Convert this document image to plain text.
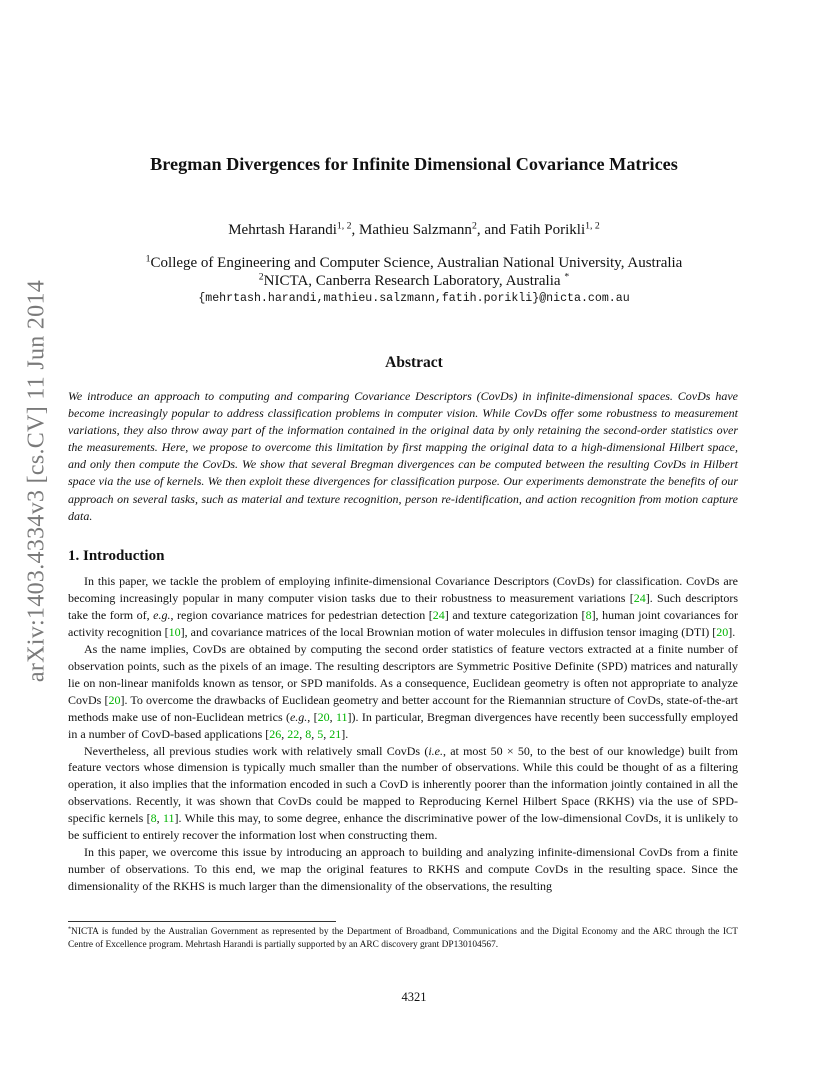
arXiv:1403.4334v3 [cs.CV] 11 Jun 2014
Bregman Divergences for Infinite Dimensional Covariance Matrices
Mehrtash Harandi$^{1, 2}$, Mathieu Salzmann$^2$, and Fatih Porikli$^{1, 2}$
$^1$College of Engineering and Computer Science, Australian National University, Australia
$^2$NICTA, Canberra Research Laboratory, Australia *
{mehrtash.harandi,mathieu.salzmann,fatih.porikli}@nicta.com.au
Abstract
We introduce an approach to computing and comparing Covariance Descriptors (CovDs) in infinite-dimensional spaces. CovDs have become increasingly popular to address classification problems in computer vision. While CovDs offer some robustness to measurement variations, they also throw away part of the information contained in the original data by only retaining the second-order statistics over the measurements. Here, we propose to overcome this limitation by first mapping the original data to a high-dimensional Hilbert space, and only then compute the CovDs. We show that several Bregman divergences can be computed between the resulting CovDs in Hilbert space via the use of kernels. We then exploit these divergences for classification purpose. Our experiments demonstrate the benefits of our approach on several tasks, such as material and texture recognition, person re-identification, and action recognition from motion capture data.
1. Introduction

In this paper, we tackle the problem of employing infinite-dimensional Covariance Descriptors (CovDs) for classification. CovDs are becoming increasingly popular in many computer vision tasks due to their robustness to measurement variations [24]. Such descriptors take the form of, e.g., region covariance matrices for pedestrian detection [24] and texture categorization [8], human joint covariances for activity recognition [10], and covariance matrices of the local Brownian motion of water molecules in diffusion tensor imaging (DTI) [20].

As the name implies, CovDs are obtained by computing the second order statistics of feature vectors extracted at a finite number of observation points, such as the pixels of an image. The resulting descriptors are Symmetric Positive Definite (SPD) matrices and naturally lie on non-linear manifolds known as tensor, or SPD manifolds. As a consequence, Euclidean geometry is often not appropriate to analyze CovDs [20]. To overcome the drawbacks of Euclidean geometry and better account for the Riemannian structure of CovDs, state-of-the-art methods make use of non-Euclidean metrics (e.g., [20, 11]). In particular, Bregman divergences have recently been successfully employed in a number of CovD-based applications [26, 22, 8, 5, 21].

Nevertheless, all previous studies work with relatively small CovDs (i.e., at most 50 × 50, to the best of our knowledge) built from feature vectors whose dimension is typically much smaller than the number of observations. While this could be thought of as a filtering operation, it also implies that the information encoded in such a CovD is inherently poorer than the information jointly contained in all the observations. Recently, it was shown that CovDs could be mapped to Reproducing Kernel Hilbert Space (RKHS) via the use of SPD-specific kernels [8, 11]. While this may, to some degree, enhance the discriminative power of the low-dimensional CovDs, it is unlikely to be sufficient to entirely recover the information lost when constructing them.

In this paper, we overcome this issue by introducing an approach to building and analyzing infinite-dimensional CovDs from a finite number of observations. To this end, we map the original features to RKHS and compute CovDs in the resulting space. Since the dimensionality of the RKHS is much larger than the dimensionality of the observations, the resulting

*NICTA is funded by the Australian Government as represented by the Department of Broadband, Communications and the Digital Economy and the ARC through the ICT Centre of Excellence program. Mehrtash Harandi is partially supported by an ARC discovery grant DP130104567.
4321
